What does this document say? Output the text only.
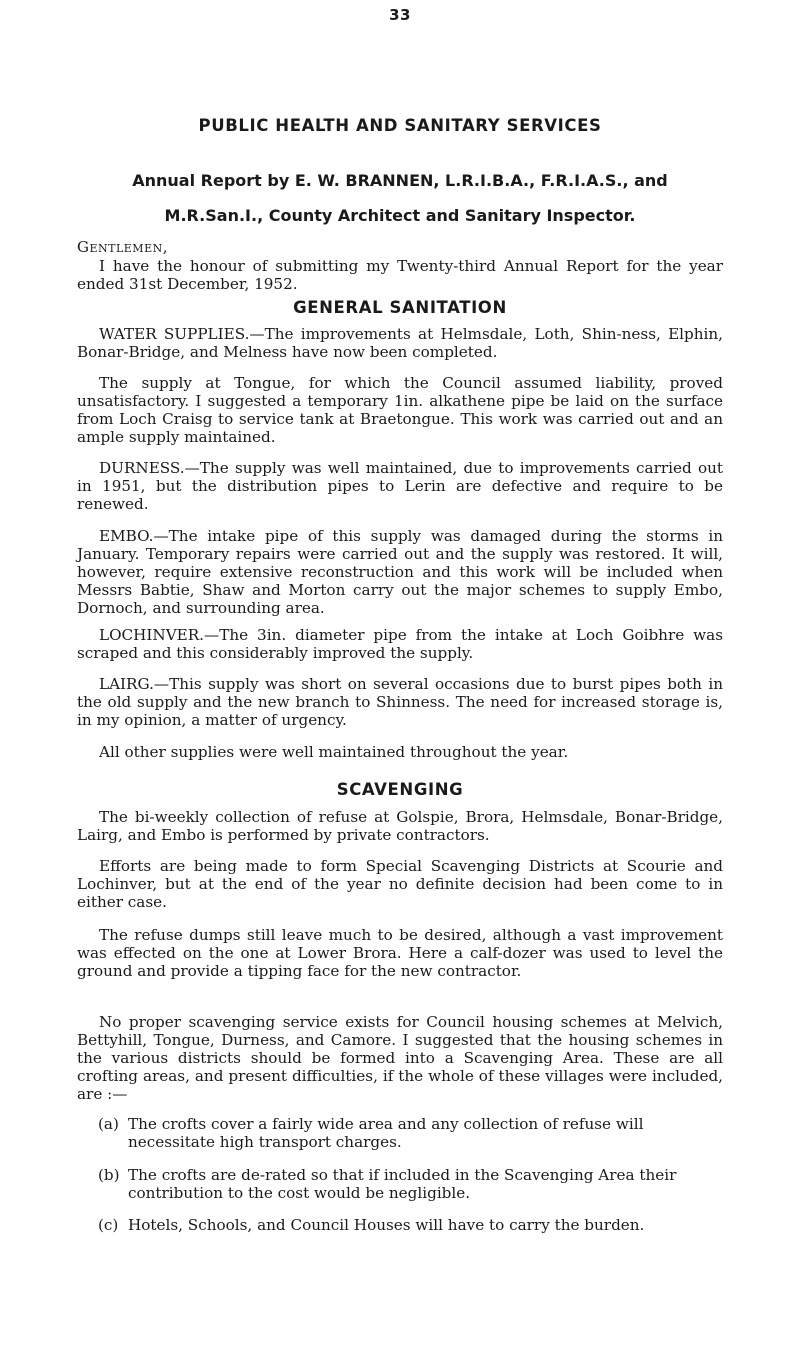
33
PUBLIC HEALTH AND SANITARY SERVICES
Annual Report by E. W. BRANNEN, L.R.I.B.A., F.R.I.A.S., and
M.R.San.I., County Architect and Sanitary Inspector.
Gentlemen,

I have the honour of submitting my Twenty-third Annual Report for the year ended 31st December, 1952.

GENERAL SANITATION

WATER SUPPLIES.—The improvements at Helmsdale, Loth, Shin-ness, Elphin, Bonar-Bridge, and Melness have now been completed.

The supply at Tongue, for which the Council assumed liability, proved unsatisfactory. I suggested a temporary 1in. alkathene pipe be laid on the surface from Loch Craisg to service tank at Braetongue. This work was carried out and an ample supply maintained.

DURNESS.—The supply was well maintained, due to improvements carried out in 1951, but the distribution pipes to Lerin are defective and require to be renewed.

EMBO.—The intake pipe of this supply was damaged during the storms in January. Temporary repairs were carried out and the supply was restored. It will, however, require extensive reconstruction and this work will be included when Messrs Babtie, Shaw and Morton carry out the major schemes to supply Embo, Dornoch, and surrounding area.

LOCHINVER.—The 3in. diameter pipe from the intake at Loch Goibhre was scraped and this considerably improved the supply.

LAIRG.—This supply was short on several occasions due to burst pipes both in the old supply and the new branch to Shinness. The need for increased storage is, in my opinion, a matter of urgency.

All other supplies were well maintained throughout the year.

SCAVENGING

The bi-weekly collection of refuse at Golspie, Brora, Helmsdale, Bonar-Bridge, Lairg, and Embo is performed by private contractors.

Efforts are being made to form Special Scavenging Districts at Scourie and Lochinver, but at the end of the year no definite decision had been come to in either case.

The refuse dumps still leave much to be desired, although a vast improvement was effected on the one at Lower Brora. Here a calf-dozer was used to level the ground and provide a tipping face for the new contractor.

No proper scavenging service exists for Council housing schemes at Melvich, Bettyhill, Tongue, Durness, and Camore. I suggested that the housing schemes in the various districts should be formed into a Scavenging Area. These are all crofting areas, and present difficulties, if the whole of these villages were included, are :—

(a) The crofts cover a fairly wide area and any collection of refuse will necessitate high transport charges.
(b) The crofts are de-rated so that if included in the Scavenging Area their contribution to the cost would be negligible.
(c) Hotels, Schools, and Council Houses will have to carry the burden.
